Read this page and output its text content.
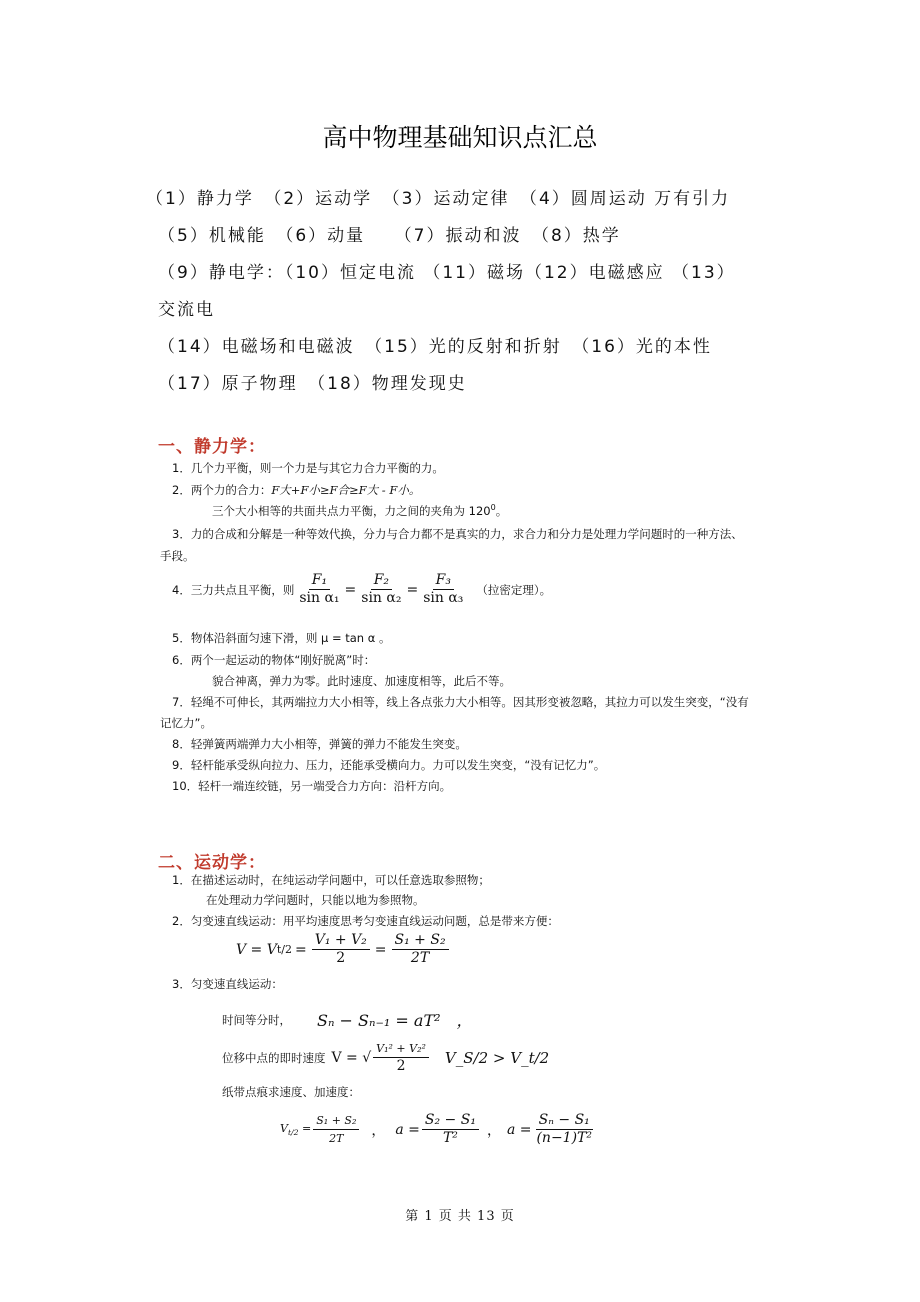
高中物理基础知识点汇总
（1）静力学　（2）运动学　（3）运动定律　（4）圆周运动 万有引力
（5）机械能　（6）动量　　（7）振动和波　（8）热学
（9）静电学：（10）恒定电流 （11）磁场（12）电磁感应 （13）
交流电
（14）电磁场和电磁波　（15）光的反射和折射　（16）光的本性
（17）原子物理　（18）物理发现史
一、静力学：
1．几个力平衡，则一个力是与其它力合力平衡的力。
2．两个力的合力：F大+F小≥F合≥F大 - F小。
三个大小相等的共面共点力平衡，力之间的夹角为 $120^0$。
3．力的合成和分解是一种等效代换，分力与合力都不是真实的力，求合力和分力是处理力学问题时的一种方法、
手段。
4．三力共点且平衡，则 $\frac{\text{F₁}}{\text{sin α₁}} = \frac{\text{F₂}}{\text{sin α₂}} = \frac{\text{F₃}}{\text{sin α₃}}$ （拉密定理）。
5．物体沿斜面匀速下滑，则 μ = tan α 。
6．两个一起运动的物体“刚好脱离”时：
貌合神离，弹力为零。此时速度、加速度相等，此后不等。
7．轻绳不可伸长，其两端拉力大小相等，线上各点张力大小相等。因其形变被忽略，其拉力可以发生突变，“没有
记忆力”。
8．轻弹簧两端弹力大小相等，弹簧的弹力不能发生突变。
9．轻杆能承受纵向拉力、压力，还能承受横向力。力可以发生突变，“没有记忆力”。
10．轻杆一端连绞链，另一端受合力方向：沿杆方向。
二、运动学：
1．在描述运动时，在纯运动学问题中，可以任意选取参照物；
在处理动力学问题时，只能以地为参照物。
2．匀变速直线运动：用平均速度思考匀变速直线运动问题，总是带来方便：
V = V $t/2 = \frac{\text{V₁ + V₂}}{2} = \frac{\text{S₁ + S₂}}{2T}$
3．匀变速直线运动：
时间等分时， Sₙ − Sₙ₋₁ = aT²　，
位移中点的即时速度 V = √ $\frac{\text{V₁² + V₂²}}{2}$ V_S/2 > V_t/2
纸带点痕求速度、加速度：
$V_{t/2} = \frac{\text{S₁ + S₂}}{2T}$ ， $a = \frac{\text{S₂ − S₁}}{\text{T²}}$ ， $a = \frac{\text{Sₙ − S₁}}{\text{(n−1)T²}}$
第 1 页 共 13 页
